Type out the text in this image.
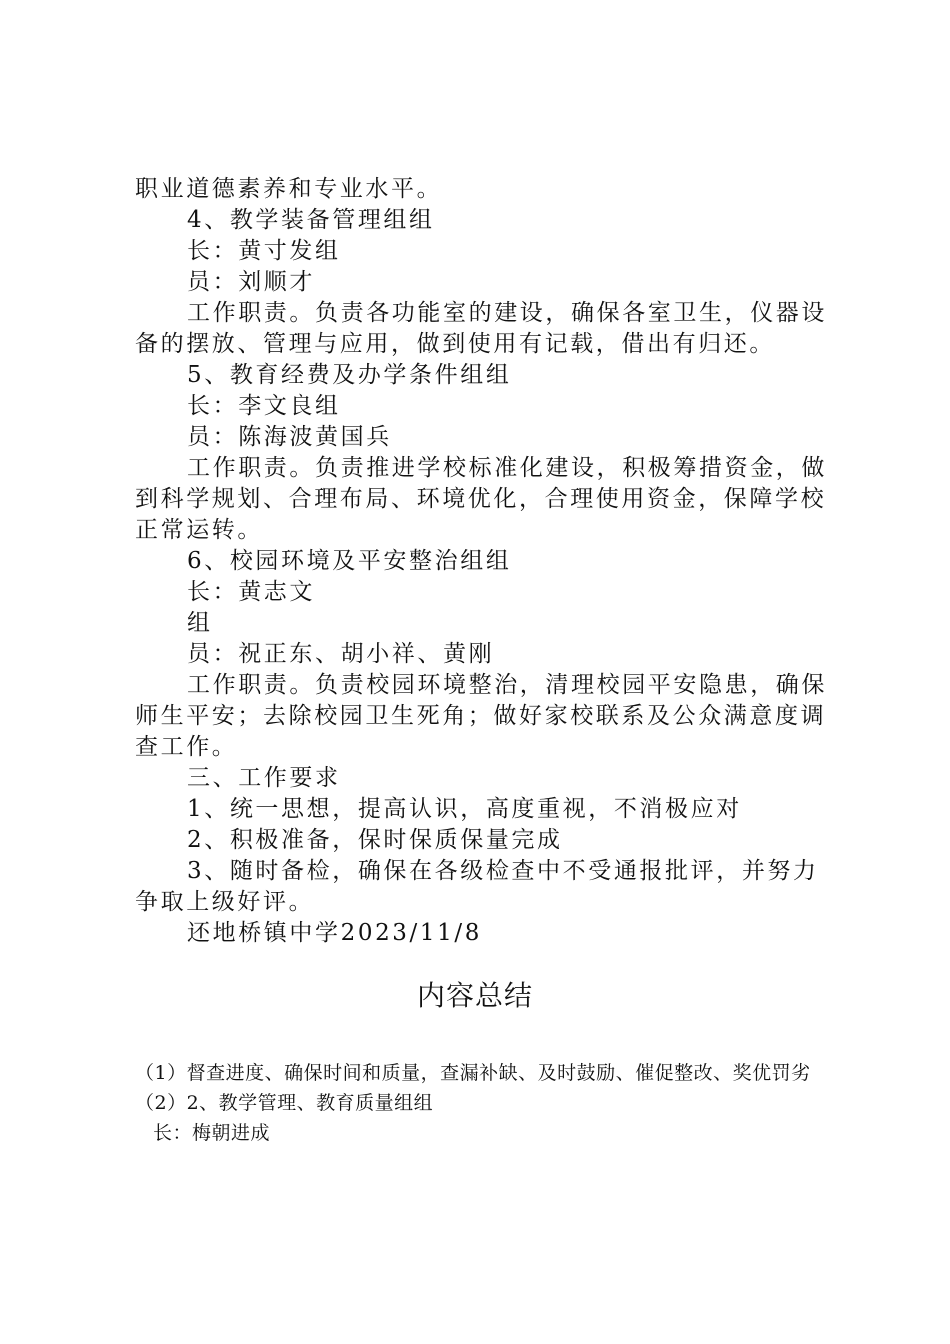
职业道德素养和专业水平。

4、教学装备管理组组

长：黄寸发组

员：刘顺才

工作职责。负责各功能室的建设，确保各室卫生，仪器设

备的摆放、管理与应用，做到使用有记载，借出有归还。

5、教育经费及办学条件组组

长：李文良组

员：陈海波黄国兵

工作职责。负责推进学校标准化建设，积极筹措资金，做

到科学规划、合理布局、环境优化，合理使用资金，保障学校

正常运转。

6、校园环境及平安整治组组

长：黄志文

组

员：祝正东、胡小祥、黄刚

工作职责。负责校园环境整治，清理校园平安隐患，确保

师生平安；去除校园卫生死角；做好家校联系及公众满意度调

查工作。

三、工作要求

1、统一思想，提高认识，高度重视，不消极应对

2、积极准备，保时保质保量完成

3、随时备检，确保在各级检查中不受通报批评，并努力

争取上级好评。

还地桥镇中学2023/11/8

内容总结

（1）督查进度、确保时间和质量，查漏补缺、及时鼓励、催促整改、奖优罚劣

（2）2、教学管理、教育质量组组

长：梅朝进成
